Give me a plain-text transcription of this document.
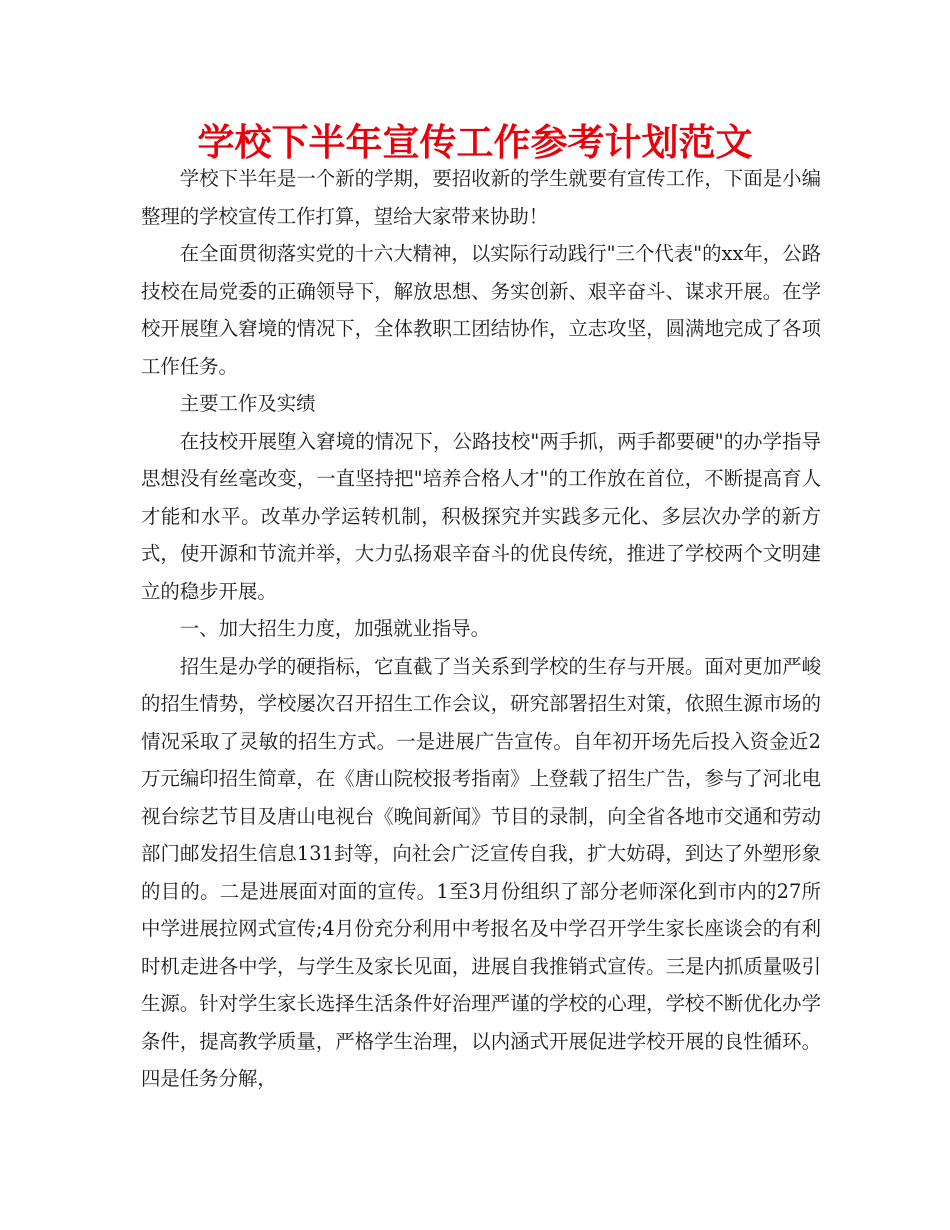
学校下半年宣传工作参考计划范文

学校下半年是一个新的学期，要招收新的学生就要有宣传工作，下面是小编整理的学校宣传工作打算，望给大家带来协助！

在全面贯彻落实党的十六大精神，以实际行动践行"三个代表"的xx年，公路技校在局党委的正确领导下，解放思想、务实创新、艰辛奋斗、谋求开展。在学校开展堕入窘境的情况下，全体教职工团结协作，立志攻坚，圆满地完成了各项工作任务。

主要工作及实绩

在技校开展堕入窘境的情况下，公路技校"两手抓，两手都要硬"的办学指导思想没有丝毫改变，一直坚持把"培养合格人才"的工作放在首位，不断提高育人才能和水平。改革办学运转机制，积极探究并实践多元化、多层次办学的新方式，使开源和节流并举，大力弘扬艰辛奋斗的优良传统，推进了学校两个文明建立的稳步开展。

一、加大招生力度，加强就业指导。

招生是办学的硬指标，它直截了当关系到学校的生存与开展。面对更加严峻的招生情势，学校屡次召开招生工作会议，研究部署招生对策，依照生源市场的情况采取了灵敏的招生方式。一是进展广告宣传。自年初开场先后投入资金近2万元编印招生简章，在《唐山院校报考指南》上登载了招生广告，参与了河北电视台综艺节目及唐山电视台《晚间新闻》节目的录制，向全省各地市交通和劳动部门邮发招生信息131封等，向社会广泛宣传自我，扩大妨碍，到达了外塑形象的目的。二是进展面对面的宣传。1至3月份组织了部分老师深化到市内的27所中学进展拉网式宣传;4月份充分利用中考报名及中学召开学生家长座谈会的有利时机走进各中学，与学生及家长见面，进展自我推销式宣传。三是内抓质量吸引生源。针对学生家长选择生活条件好治理严谨的学校的心理，学校不断优化办学条件，提高教学质量，严格学生治理，以内涵式开展促进学校开展的良性循环。四是任务分解，
